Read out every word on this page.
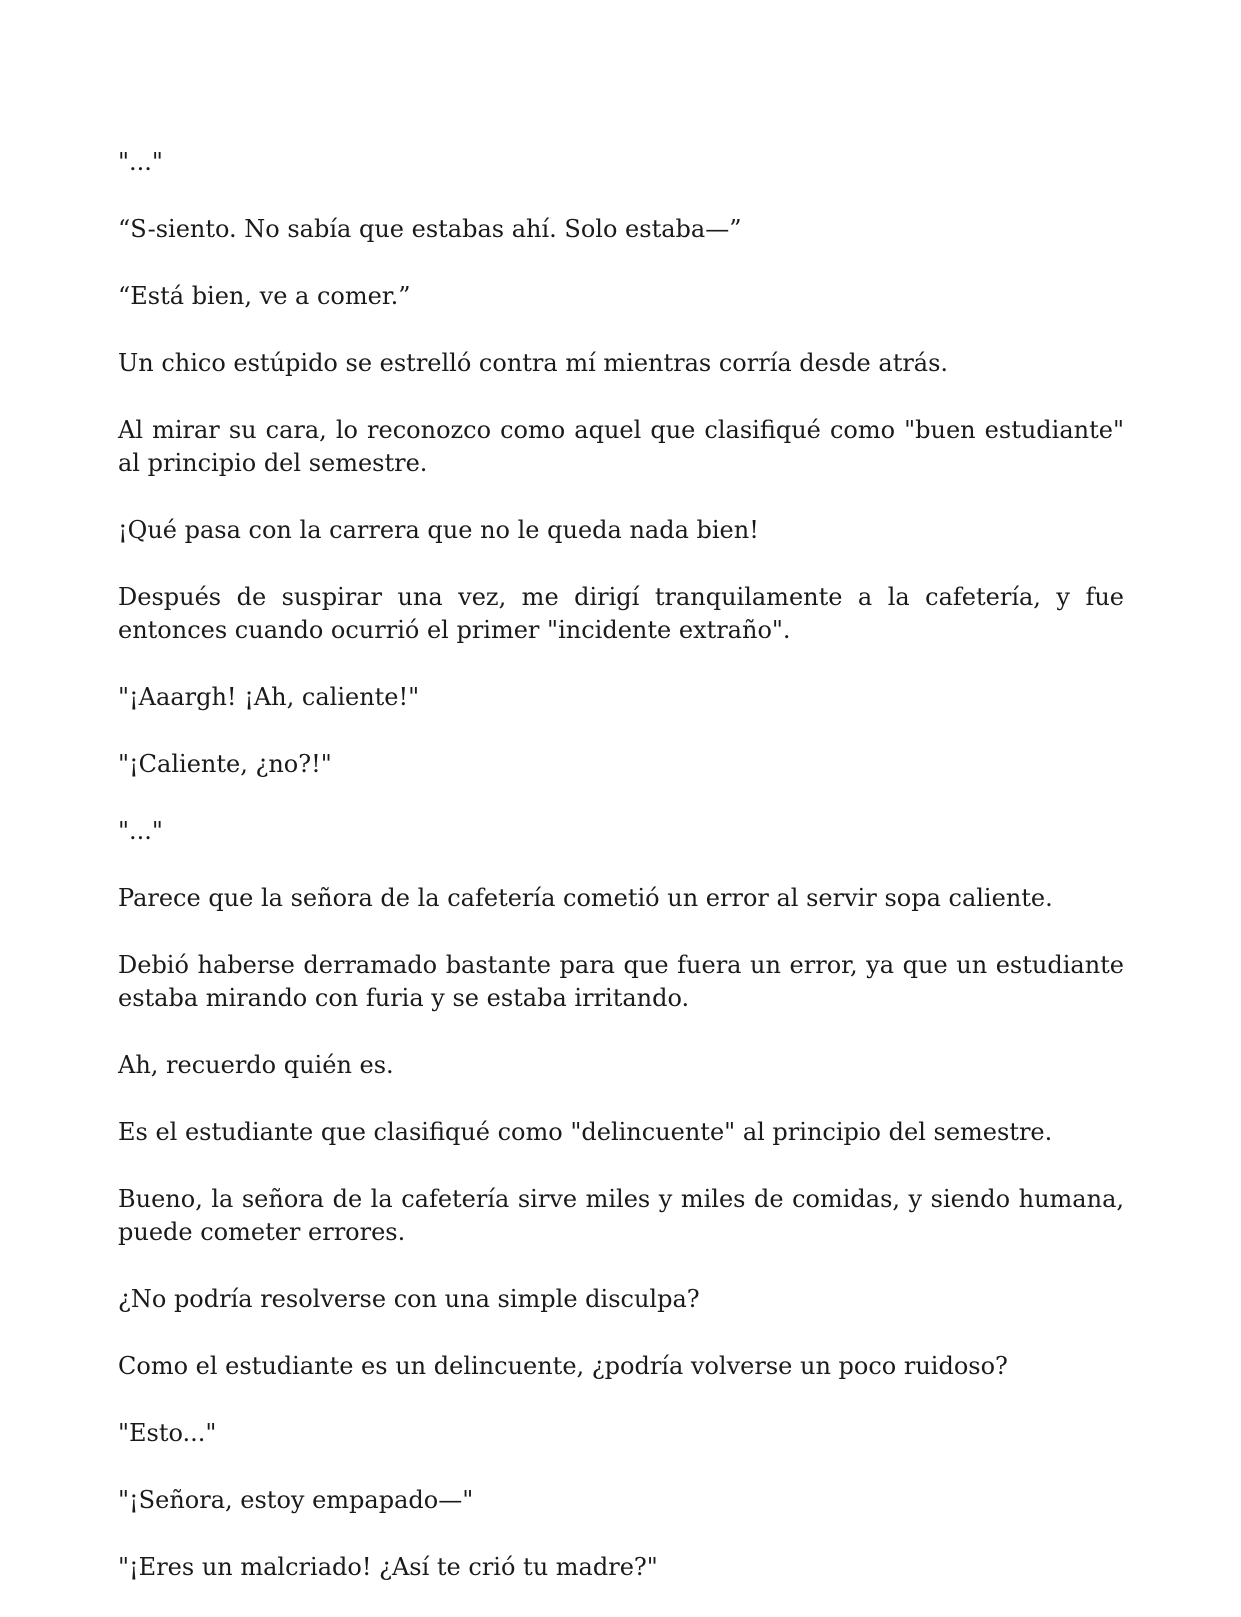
"..."

“S-siento. No sabía que estabas ahí. Solo estaba—”

“Está bien, ve a comer.”

Un chico estúpido se estrelló contra mí mientras corría desde atrás.

Al mirar su cara, lo reconozco como aquel que clasifiqué como "buen estudiante" al principio del semestre.

¡Qué pasa con la carrera que no le queda nada bien!

Después de suspirar una vez, me dirigí tranquilamente a la cafetería, y fue entonces cuando ocurrió el primer "incidente extraño".

"¡Aaargh! ¡Ah, caliente!"

"¡Caliente, ¿no?!"

"..."

Parece que la señora de la cafetería cometió un error al servir sopa caliente.

Debió haberse derramado bastante para que fuera un error, ya que un estudiante estaba mirando con furia y se estaba irritando.

Ah, recuerdo quién es.

Es el estudiante que clasifiqué como "delincuente" al principio del semestre.

Bueno, la señora de la cafetería sirve miles y miles de comidas, y siendo humana, puede cometer errores.

¿No podría resolverse con una simple disculpa?

Como el estudiante es un delincuente, ¿podría volverse un poco ruidoso?

"Esto..."

"¡Señora, estoy empapado—"

"¡Eres un malcriado! ¿Así te crió tu madre?"
